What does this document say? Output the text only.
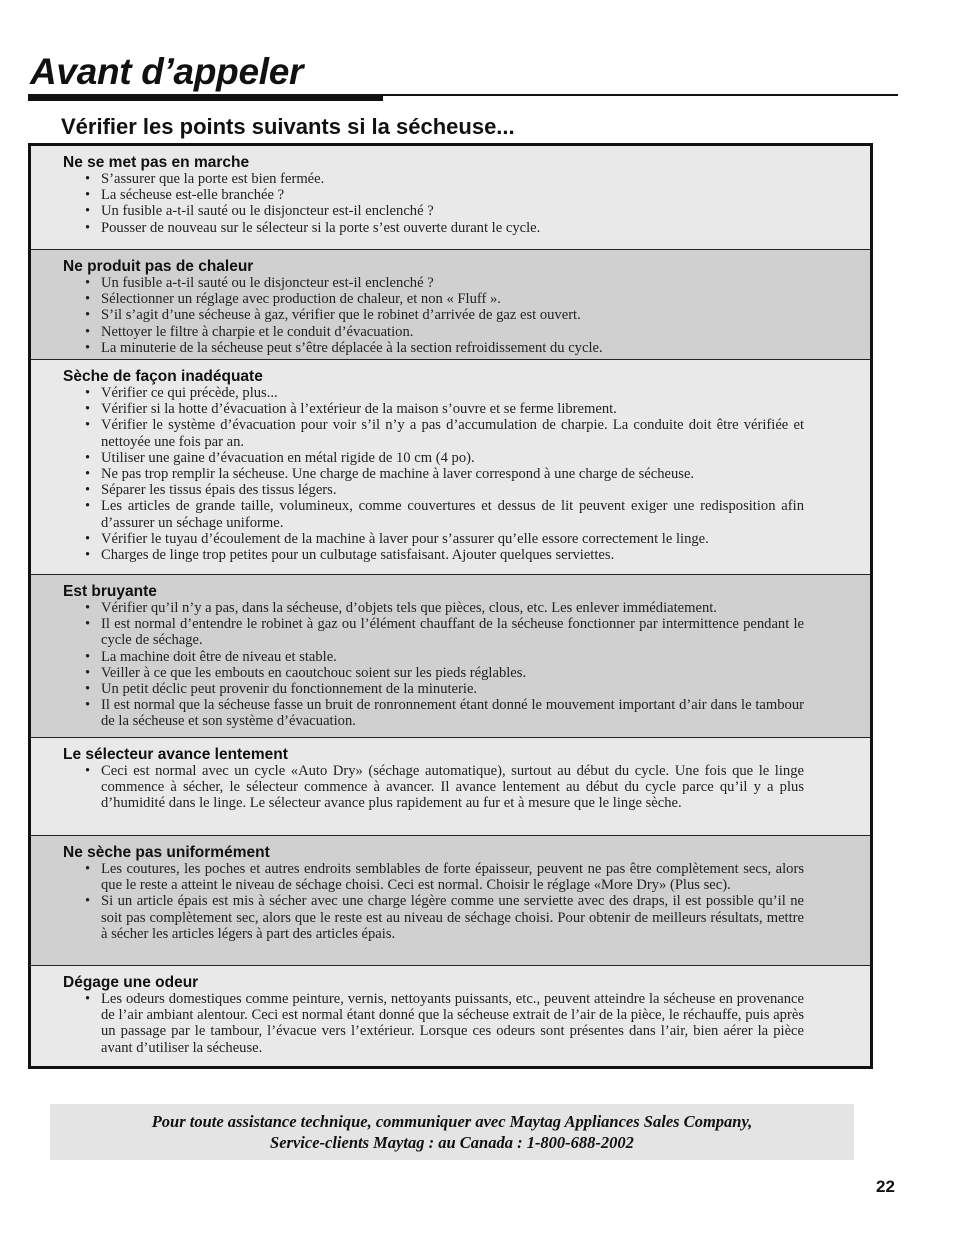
Avant d’appeler
Vérifier les points suivants si la sécheuse...
Ne se met pas en marche
• S’assurer que la porte est bien fermée.
• La sécheuse est-elle branchée ?
• Un fusible a-t-il sauté ou le disjoncteur est-il enclenché ?
• Pousser de nouveau sur le sélecteur si la porte s’est ouverte durant le cycle.
Ne produit pas de chaleur
• Un fusible a-t-il sauté ou le disjoncteur est-il enclenché ?
• Sélectionner un réglage avec production de chaleur, et non « Fluff ».
• S’il s’agit d’une sécheuse à gaz, vérifier que le robinet d’arrivée de gaz est ouvert.
• Nettoyer le filtre à charpie et le conduit d’évacuation.
• La minuterie de la sécheuse peut s’être déplacée à la section refroidissement du cycle.
Sèche de façon inadéquate
• Vérifier ce qui précède, plus...
• Vérifier si la hotte d’évacuation à l’extérieur de la maison s’ouvre et se ferme librement.
• Vérifier le système d’évacuation pour voir s’il n’y a pas d’accumulation de charpie. La conduite doit être vérifiée et nettoyée une fois par an.
• Utiliser une gaine d’évacuation en métal rigide de 10 cm (4 po).
• Ne pas trop remplir la sécheuse. Une charge de machine à laver correspond à une charge de sécheuse.
• Séparer les tissus épais des tissus légers.
• Les articles de grande taille, volumineux, comme couvertures et dessus de lit peuvent exiger une redisposition afin d’assurer un séchage uniforme.
• Vérifier le tuyau d’écoulement de la machine à laver pour s’assurer qu’elle essore correctement le linge.
• Charges de linge trop petites pour un culbutage satisfaisant. Ajouter quelques serviettes.
Est bruyante
• Vérifier qu’il n’y a pas, dans la sécheuse, d’objets tels que pièces, clous, etc. Les enlever immédiatement.
• Il est normal d’entendre le robinet à gaz ou l’élément chauffant de la sécheuse fonctionner par intermittence pendant le cycle de séchage.
• La machine doit être de niveau et stable.
• Veiller à ce que les embouts en caoutchouc soient sur les pieds réglables.
• Un petit déclic peut provenir du fonctionnement de la minuterie.
• Il est normal que la sécheuse fasse un bruit de ronronnement étant donné le mouvement important d’air dans le tambour de la sécheuse et son système d’évacuation.
Le sélecteur avance lentement
• Ceci est normal avec un cycle «Auto Dry» (séchage automatique), surtout au début du cycle. Une fois que le linge commence à sécher, le sélecteur commence à avancer. Il avance lentement au début du cycle parce qu’il y a plus d’humidité dans le linge. Le sélecteur avance plus rapidement au fur et à mesure que le linge sèche.
Ne sèche pas uniformément
• Les coutures, les poches et autres endroits semblables de forte épaisseur, peuvent ne pas être complètement secs, alors que le reste a atteint le niveau de séchage choisi. Ceci est normal. Choisir le réglage «More Dry» (Plus sec).
• Si un article épais est mis à sécher avec une charge légère comme une serviette avec des draps, il est possible qu’il ne soit pas complètement sec, alors que le reste est au niveau de séchage choisi. Pour obtenir de meilleurs résultats, mettre à sécher les articles légers à part des articles épais.
Dégage une odeur
• Les odeurs domestiques comme peinture, vernis, nettoyants puissants, etc., peuvent atteindre la sécheuse en provenance de l’air ambiant alentour. Ceci est normal étant donné que la sécheuse extrait de l’air de la pièce, le réchauffe, puis après un passage par le tambour, l’évacue vers l’extérieur. Lorsque ces odeurs sont présentes dans l’air, bien aérer la pièce avant d’utiliser la sécheuse.
Pour toute assistance technique, communiquer avec Maytag Appliances Sales Company,
Service-clients Maytag : au Canada : 1-800-688-2002
22
